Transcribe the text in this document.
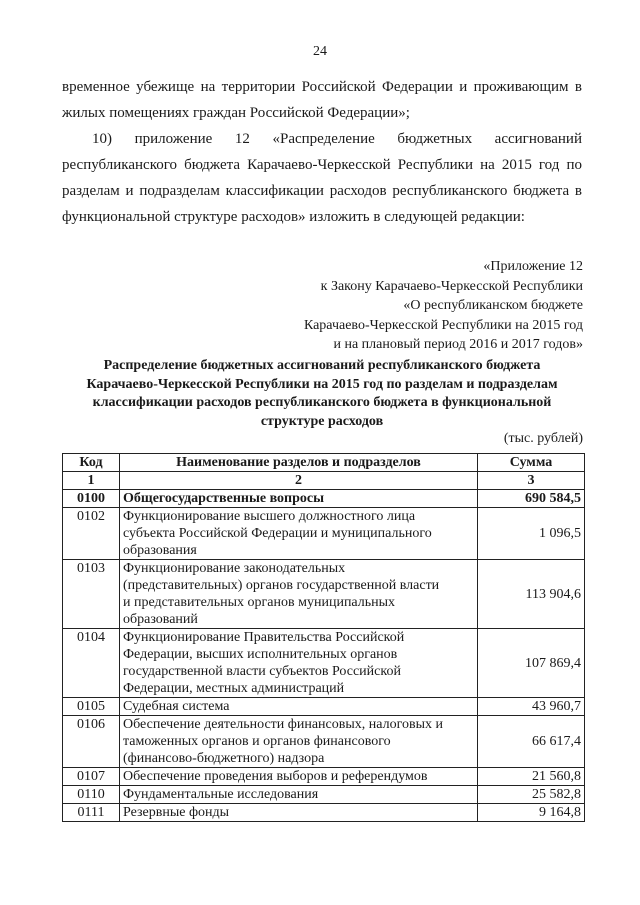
24

временное убежище на территории Российской Федерации и проживающим в
жилых помещениях граждан Российской Федерации»;

10)      приложение      12      «Распределение      бюджетных      ассигнований
республиканского бюджета Карачаево-Черкесской Республики на 2015 год по
разделам и подразделам классификации расходов республиканского бюджета в
функциональной структуре расходов» изложить в следующей редакции:

«Приложение 12
к Закону Карачаево-Черкесской Республики
«О республиканском бюджете
Карачаево-Черкесской Республики на 2015 год
и на плановый период 2016 и 2017 годов»
Распределение бюджетных ассигнований республиканского бюджета
Карачаево-Черкесской Республики на 2015 год по разделам и подразделам
классификации расходов республиканского бюджета в функциональной
структуре расходов
(тыс. рублей)
Код	Наименование разделов и подразделов	Сумма
1	2	3
0100	Общегосударственные вопросы	690 584,5
0102	Функционирование высшего должностного лица
субъекта Российской Федерации и муниципального
образования	1 096,5
0103	Функционирование законодательных
(представительных) органов государственной власти
и представительных органов муниципальных
образований	113 904,6
0104	Функционирование Правительства Российской
Федерации, высших исполнительных органов
государственной власти субъектов Российской
Федерации, местных администраций	107 869,4
0105	Судебная система	43 960,7
0106	Обеспечение деятельности финансовых, налоговых и
таможенных органов и органов финансового
(финансово-бюджетного) надзора	66 617,4
0107	Обеспечение проведения выборов и референдумов	21 560,8
0110	Фундаментальные исследования	25 582,8
0111	Резервные фонды	9 164,8
